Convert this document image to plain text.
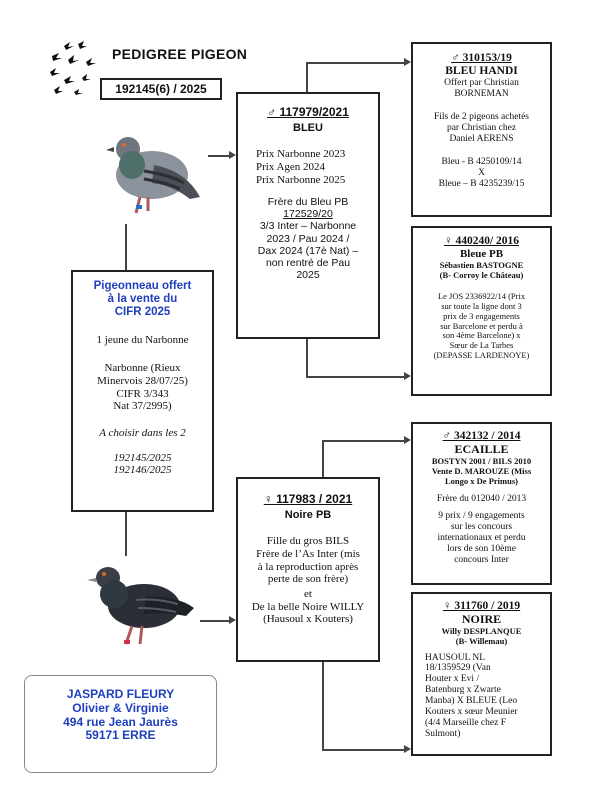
PEDIGREE PIGEON
192145(6) / 2025

Pigeonneau offert

à la vente du

CIFR 2025

1 jeune du Narbonne

Narbonne (Rieux

Minervois 28/07/25)

CIFR 3/343

Nat 37/2995)

A choisir dans les 2

192145/2025

192146/2025

♂ 117979/2021

BLEU

Prix Narbonne 2023

Prix Agen 2024

Prix Narbonne 2025

Frère du Bleu PB

172529/20

3/3 Inter – Narbonne

2023 / Pau 2024 /

Dax 2024 (17è Nat) –

non rentré de Pau

2025

♀ 117983 / 2021

Noire PB

Fille du gros BILS

Frère de l’As Inter (mis

à la reproduction après

perte de son frère)

et

De la belle Noire WILLY

(Hausoul x Kouters)

♂ 310153/19

BLEU HANDI

Offert par Christian

BORNEMAN

Fils de 2 pigeons achetés

par Christian chez

Daniel AERENS

Bleu - B 4250109/14

X

Bleue – B 4235239/15

♀ 440240/ 2016

Bleue PB

Sébastien BASTOGNE

(B- Corroy le Château)

Le JOS 2336922/14 (Prix

sur toute la ligne dont 3

prix de 3 engagements

sur Barcelone et perdu à

son 4ème Barcelone) x

Sœur de La Tarbes

(DEPASSE LARDENOYE)

♂ 342132 / 2014

ECAILLE

BOSTYN 2001 / BILS 2010

Vente D. MAROUZE (Miss

Longo x De Primus)

Frère du 012040 / 2013

9 prix / 9 engagements

sur les concours

internationaux et perdu

lors de son 10ème

concours Inter

♀ 311760 / 2019

NOIRE

Willy DESPLANQUE

(B- Willemau)

HAUSOUL NL

18/1359529 (Van

Houter x Evi /

Batenburg x Zwarte

Manba) X BLEUE (Leo

Kouters x sœur Meunier

(4/4 Marseille chez F

Sulmont)

JASPARD FLEURY

Olivier & Virginie

494 rue Jean Jaurès

59171 ERRE
